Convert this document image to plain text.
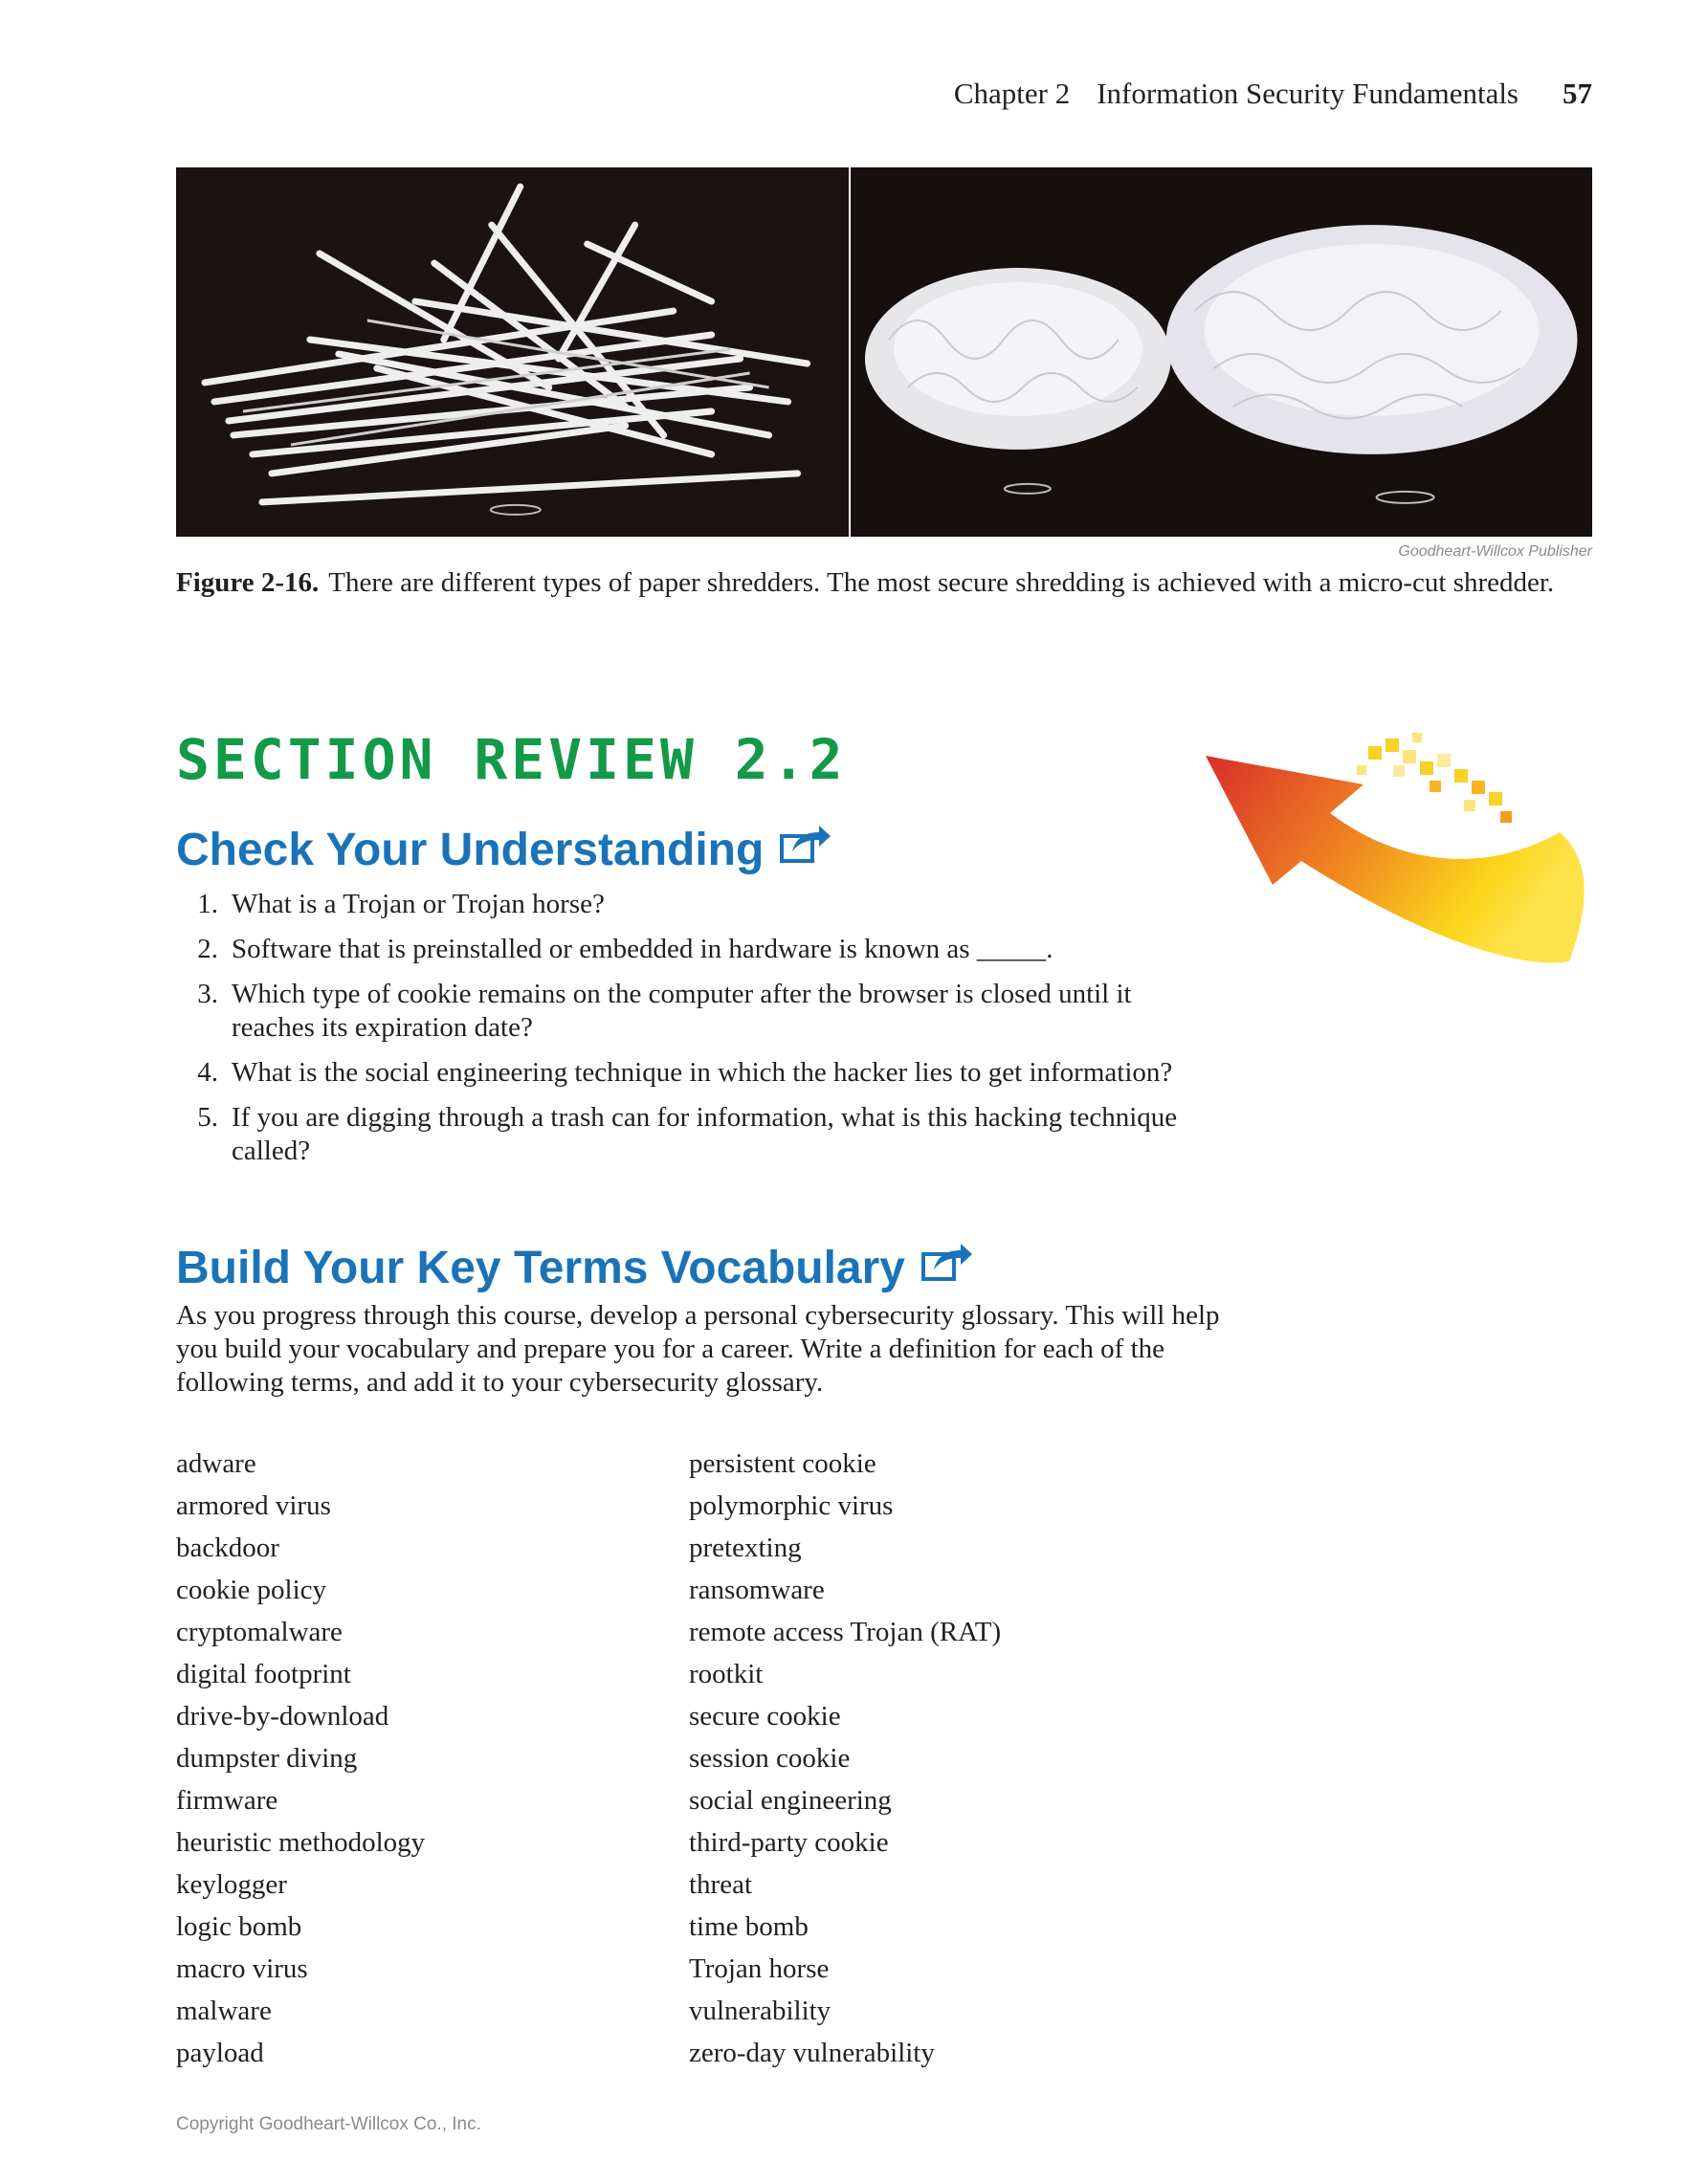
Chapter 2 Information Security Fundamentals 57
Goodheart-Willcox Publisher
Figure 2-16. There are different types of paper shredders. The most secure shredding is achieved with a micro-cut shredder.
SECTION REVIEW 2.2
Check Your Understanding
1. What is a Trojan or Trojan horse?
2. Software that is preinstalled or embedded in hardware is known as _____.
3. Which type of cookie remains on the computer after the browser is closed until it reaches its expiration date?
4. What is the social engineering technique in which the hacker lies to get information?
5. If you are digging through a trash can for information, what is this hacking technique called?
Build Your Key Terms Vocabulary

As you progress through this course, develop a personal cybersecurity glossary. This will help you build your vocabulary and prepare you for a career. Write a definition for each of the following terms, and add it to your cybersecurity glossary.

adware
armored virus
backdoor
cookie policy
cryptomalware
digital footprint
drive-by-download
dumpster diving
firmware
heuristic methodology
keylogger
logic bomb
macro virus
malware
payload
persistent cookie
polymorphic virus
pretexting
ransomware
remote access Trojan (RAT)
rootkit
secure cookie
session cookie
social engineering
third-party cookie
threat
time bomb
Trojan horse
vulnerability
zero-day vulnerability
Copyright Goodheart-Willcox Co., Inc.
